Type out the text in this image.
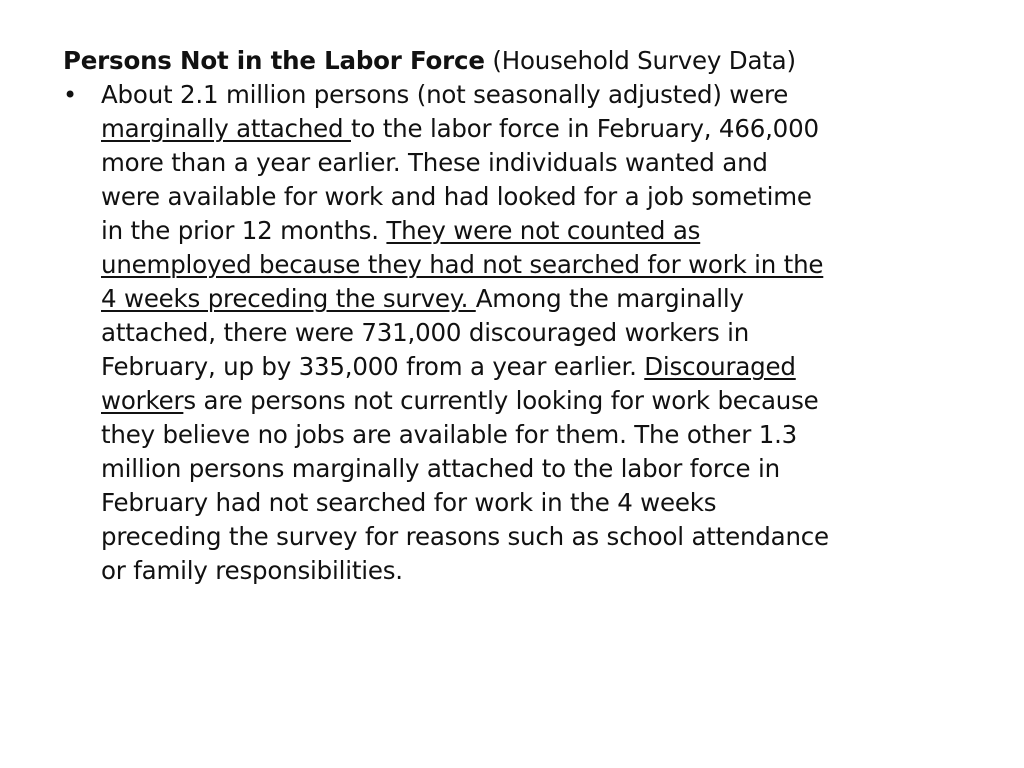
Persons Not in the Labor Force (Household Survey Data)

• About 2.1 million persons (not seasonally adjusted) were
marginally attached to the labor force in February, 466,000
more than a year earlier. These individuals wanted and
were available for work and had looked for a job sometime
in the prior 12 months. They were not counted as
unemployed because they had not searched for work in the
4 weeks preceding the survey. Among the marginally
attached, there were 731,000 discouraged workers in
February, up by 335,000 from a year earlier. Discouraged
workers are persons not currently looking for work because
they believe no jobs are available for them. The other 1.3
million persons marginally attached to the labor force in
February had not searched for work in the 4 weeks
preceding the survey for reasons such as school attendance
or family responsibilities.
